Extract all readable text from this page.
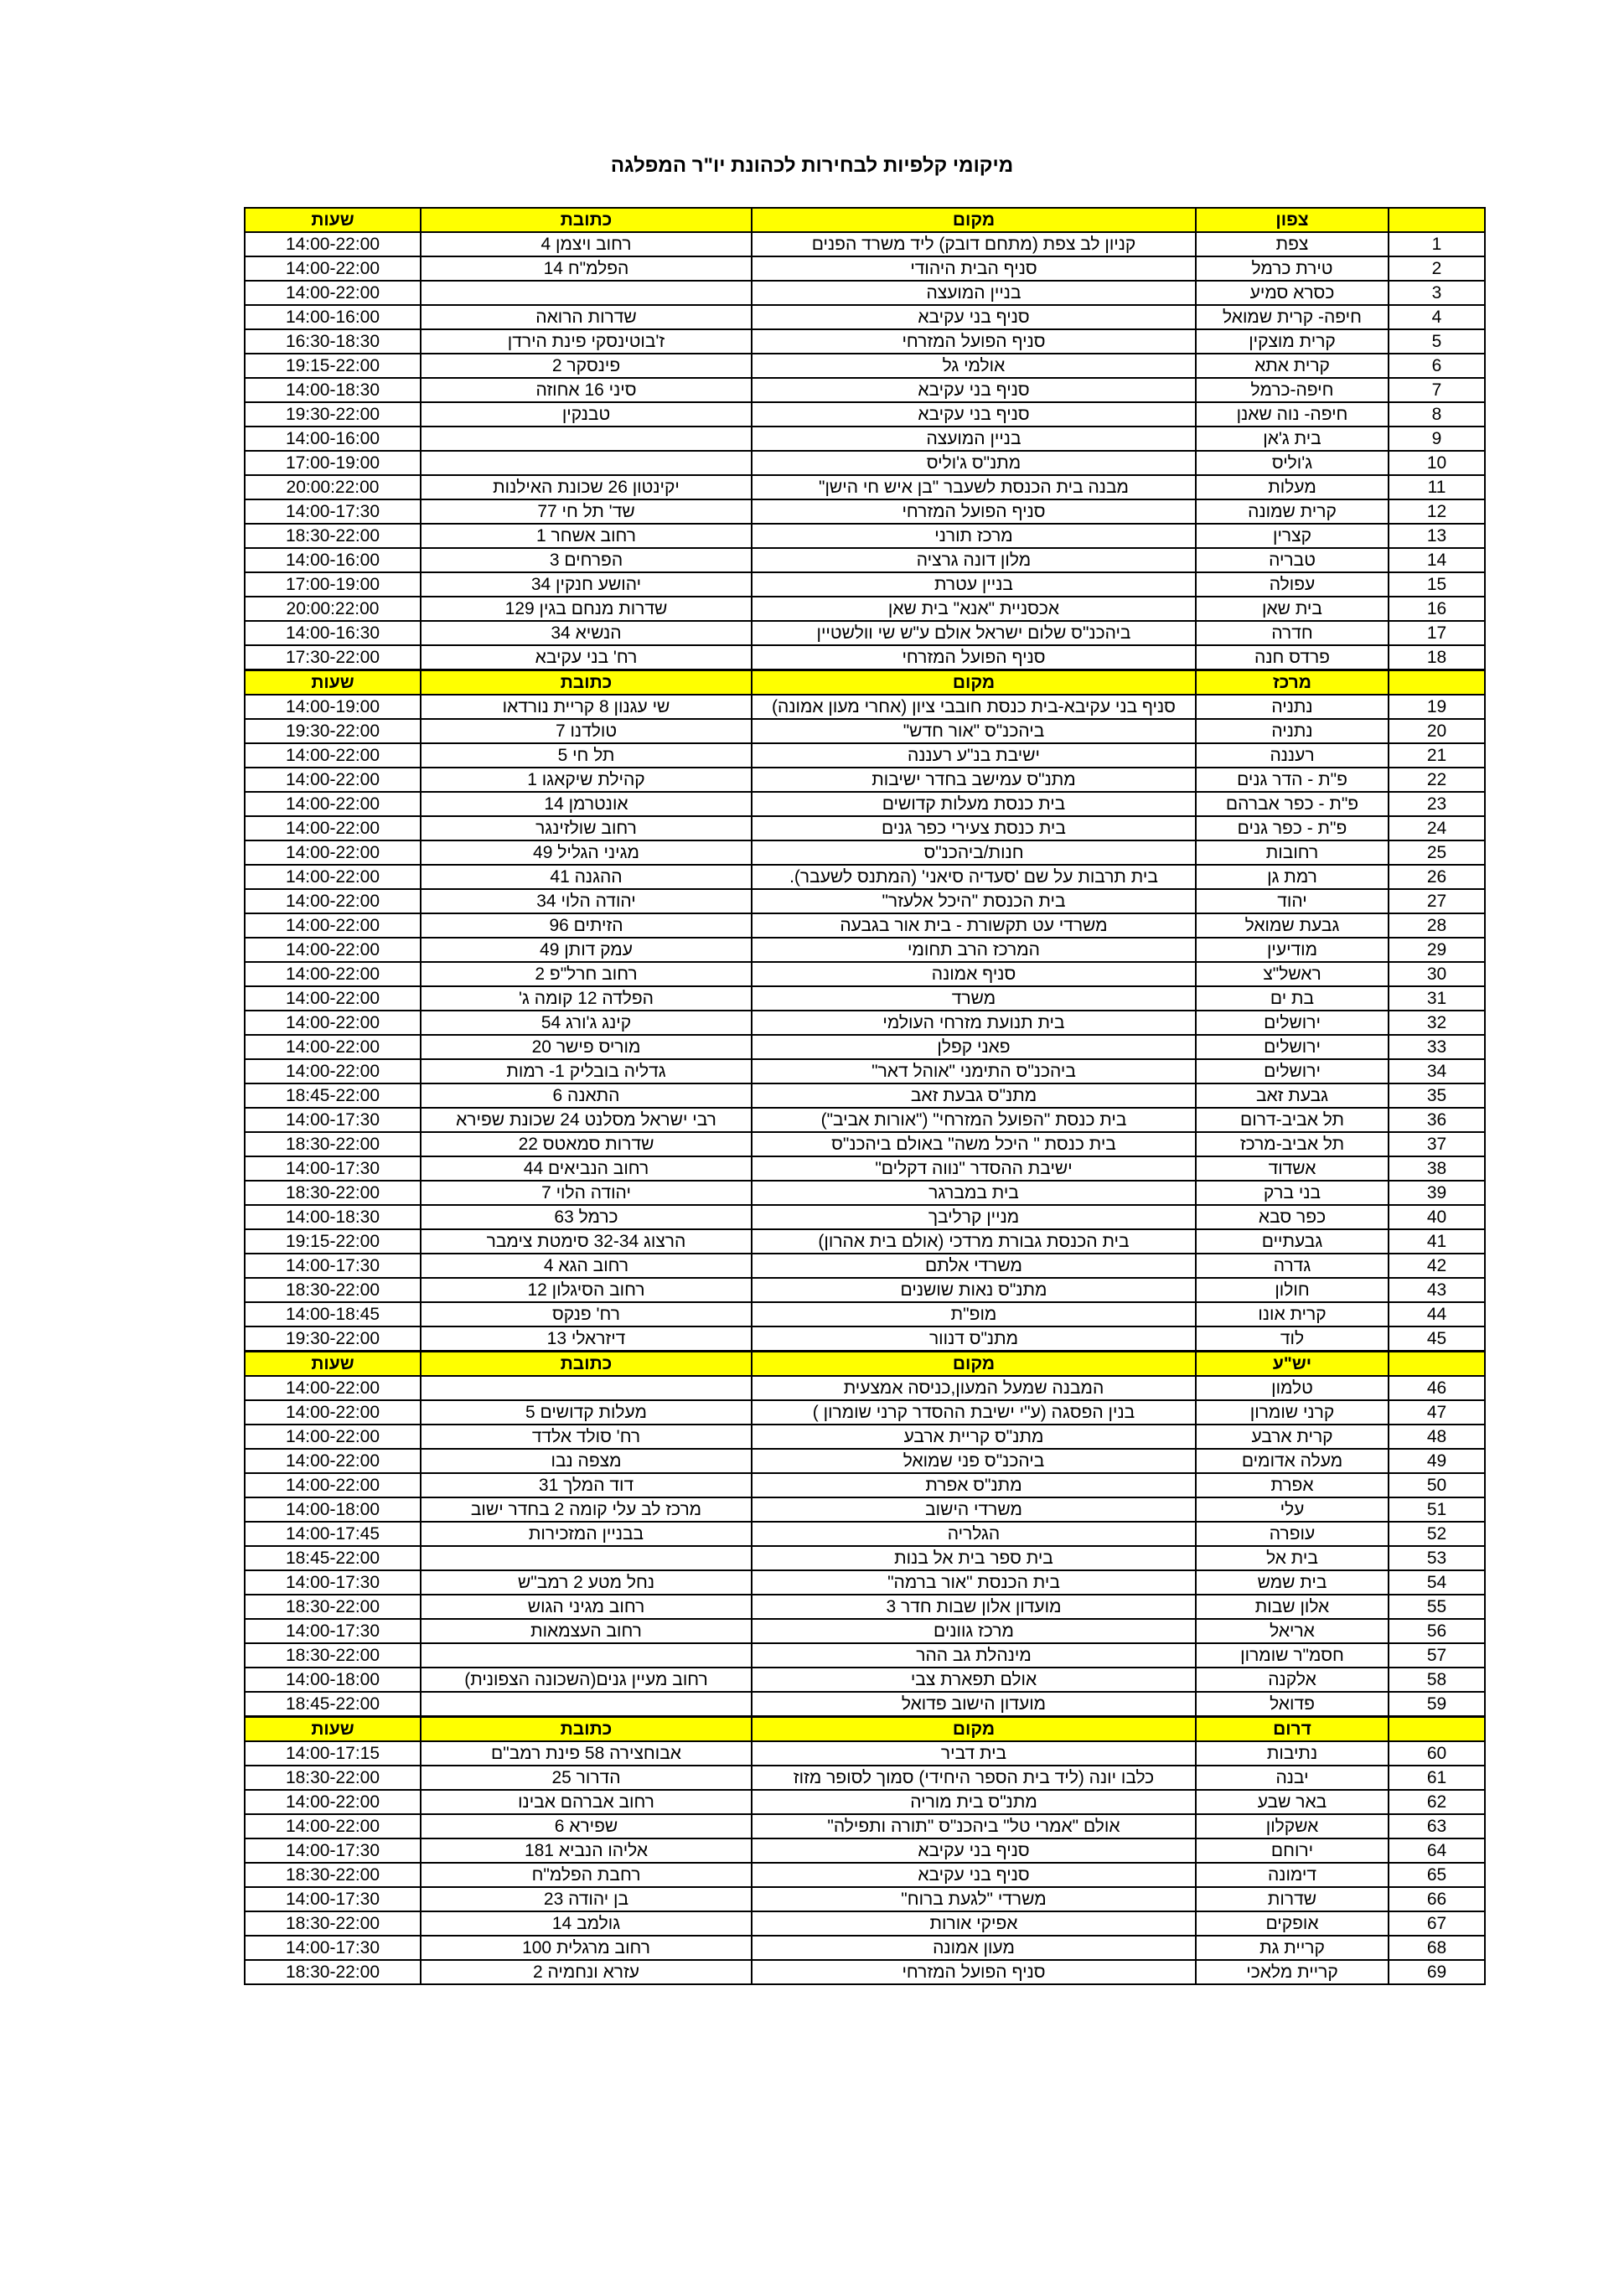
מיקומי קלפיות לבחירות לכהונת יו"ר המפלגה
	צפון	מקום	כתובת	שעות
1	צפת	קניון לב צפת (מתחם דובק) ליד משרד הפנים	רחוב ויצמן 4	14:00-22:00
2	טירת כרמל	סניף הבית היהודי	הפלמ"ח 14	14:00-22:00
3	כסרא סמיע	בניין המועצה		14:00-22:00
4	חיפה- קרית שמואל	סניף בני עקיבא	שדרות הרואה	14:00-16:00
5	קרית מוצקין	סניף הפועל המזרחי	ז'בוטינסקי פינת הירדן	16:30-18:30
6	קרית אתא	אולמי גל	פינסקר 2	19:15-22:00
7	חיפה-כרמל	סניף בני עקיבא	סיני 16 אחוזה	14:00-18:30
8	חיפה- נוה שאנן	סניף בני עקיבא	טבנקין	19:30-22:00
9	בית ג'אן	בניין המועצה		14:00-16:00
10	ג'וליס	מתנ"ס ג'וליס		17:00-19:00
11	מעלות	מבנה בית הכנסת לשעבר "בן איש חי הישן"	יקינטון 26 שכונת האילנות	20:00:22:00
12	קרית שמונה	סניף הפועל המזרחי	שד' תל חי 77	14:00-17:30
13	קצרין	מרכז תורני	רחוב אשחר 1	18:30-22:00
14	טבריה	מלון דונה גרציה	הפרחים 3	14:00-16:00
15	עפולה	בניין עטרת	יהושע חנקין 34	17:00-19:00
16	בית שאן	אכסניית "אנא" בית שאן	שדרות מנחם בגין 129	20:00:22:00
17	חדרה	ביהכנ"ס שלום ישראל אולם ע"ש שי וולשטיין	הנשיא 34	14:00-16:30
18	פרדס חנה	סניף הפועל המזרחי	רח' בני עקיבא	17:30-22:00
	מרכז	מקום	כתובת	שעות
19	נתניה	סניף בני עקיבא-בית כנסת חובבי ציון (אחרי מעון אמונה)	שי עגנון 8 קריית נורדאו	14:00-19:00
20	נתניה	ביהכנ"ס "אור חדש"	טולדנו 7	19:30-22:00
21	רעננה	ישיבת בנ"ע רעננה	תל חי 5	14:00-22:00
22	פ"ת - הדר גנים	מתנ"ס עמישב בחדר ישיבות	קהילת שיקאגו 1	14:00-22:00
23	פ"ת - כפר אברהם	בית כנסת מעלות קדושים	אונטרמן 14	14:00-22:00
24	פ"ת - כפר גנים	בית כנסת צעירי כפר גנים	רחוב שולזינגר	14:00-22:00
25	רחובות	חנות/ביהכנ"ס	מגיני הגליל 49	14:00-22:00
26	רמת גן	בית תרבות על שם 'סעדיה סיאני' (המתנס לשעבר).	ההגנה 41	14:00-22:00
27	יהוד	בית הכנסת "היכל אלעזר"	יהודה הלוי 34	14:00-22:00
28	גבעת שמואל	משרדי עט תקשורת - בית אור בגבעה	הזיתים 96	14:00-22:00
29	מודיעין	המרכז הרב תחומי	עמק דותן 49	14:00-22:00
30	ראשל"צ	סניף אמונה	רחוב חרל"פ 2	14:00-22:00
31	בת ים	משרד	הפלדה 12 קומה ג'	14:00-22:00
32	ירושלים	בית תנועת מזרחי העולמי	קינג ג'ורג 54	14:00-22:00
33	ירושלים	פאני קפלן	מוריס פישר 20	14:00-22:00
34	ירושלים	ביהכנ"ס התימני "אוהל דאר"	גדליה בובליק 1- רמות	14:00-22:00
35	גבעת זאב	מתנ"ס גבעת זאב	התאנה 6	18:45-22:00
36	תל אביב-דרום	בית כנסת "הפועל המזרחי" ("אורות אביב")	רבי ישראל מסלנט 24 שכונת שפירא	14:00-17:30
37	תל אביב-מרכז	בית כנסת " היכל משה" באולם ביהכנ"ס	שדרות סמאטס 22	18:30-22:00
38	אשדוד	ישיבת ההסדר "נווה דקלים"	רחוב הנביאים 44	14:00-17:30
39	בני ברק	בית במברגר	יהודה הלוי 7	18:30-22:00
40	כפר סבא	מניין קרליבך	כרמל 63	14:00-18:30
41	גבעתיים	בית הכנסת גבורת מרדכי (אולם בית אהרון)	הרצוג 32-34 סימטת צימבר	19:15-22:00
42	גדרה	משרדי אלתם	רחוב הגא 4	14:00-17:30
43	חולון	מתנ"ס נאות שושנים	רחוב הסיגלון 12	18:30-22:00
44	קרית אונו	מופ"ת	רח' פנקס	14:00-18:45
45	לוד	מתנ"ס דנוור	דיזראלי 13	19:30-22:00
	יש"ע	מקום	כתובת	שעות
46	טלמון	המבנה שמעל המעון,כניסה אמצעית		14:00-22:00
47	קרני שומרון	בנין הפסגה (ע"י ישיבת ההסדר קרני שומרון )	מעלות קדושים 5	14:00-22:00
48	קרית ארבע	מתנ"ס קריית ארבע	רח' סולד אלדד	14:00-22:00
49	מעלה אדומים	ביהכנ"ס פני שמואל	מצפה נבו	14:00-22:00
50	אפרת	מתנ"ס אפרת	דוד המלך 31	14:00-22:00
51	עלי	משרדי הישוב	מרכז לב עלי קומה 2 בחדר ישוב	14:00-18:00
52	עופרה	הגלריה	בבניין המזכירות	14:00-17:45
53	בית אל	בית ספר בית אל בנות		18:45-22:00
54	בית שמש	בית הכנסת "אור ברמה"	נחל מטע 2 רמב"ש	14:00-17:30
55	אלון שבות	מועדון אלון שבות חדר 3	רחוב מגיני הגוש	18:30-22:00
56	אריאל	מרכז גוונים	רחוב העצמאות	14:00-17:30
57	חסמ"ר שומרון	מינהלת גב ההר		18:30-22:00
58	אלקנה	אולם תפארת צבי	רחוב מעיין גנים(השכונה הצפונית)	14:00-18:00
59	פדואל	מועדון הישוב פדואל		18:45-22:00
	דרום	מקום	כתובת	שעות
60	נתיבות	בית דביר	אבוחצירה 58 פינת רמב"ם	14:00-17:15
61	יבנה	כלבו יונה (ליד בית הספר היחידי) סמוך לסופר מזוז	הדרור 25	18:30-22:00
62	באר שבע	מתנ"ס בית מוריה	רחוב אברהם אבינו	14:00-22:00
63	אשקלון	אולם "אמרי טל" ביהכנ"ס "תורה ותפילה"	שפירא 6	14:00-22:00
64	ירוחם	סניף בני עקיבא	אליהו הנביא 181	14:00-17:30
65	דימונה	סניף בני עקיבא	רחבת הפלמ"ח	18:30-22:00
66	שדרות	משרדי "לגעת ברוח"	בן יהודה 23	14:00-17:30
67	אופקים	אפיקי אורות	גולמב 14	18:30-22:00
68	קריית גת	מעון אמונה	רחוב מרגלית 100	14:00-17:30
69	קריית מלאכי	סניף הפועל המזרחי	עזרא ונחמיה 2	18:30-22:00
